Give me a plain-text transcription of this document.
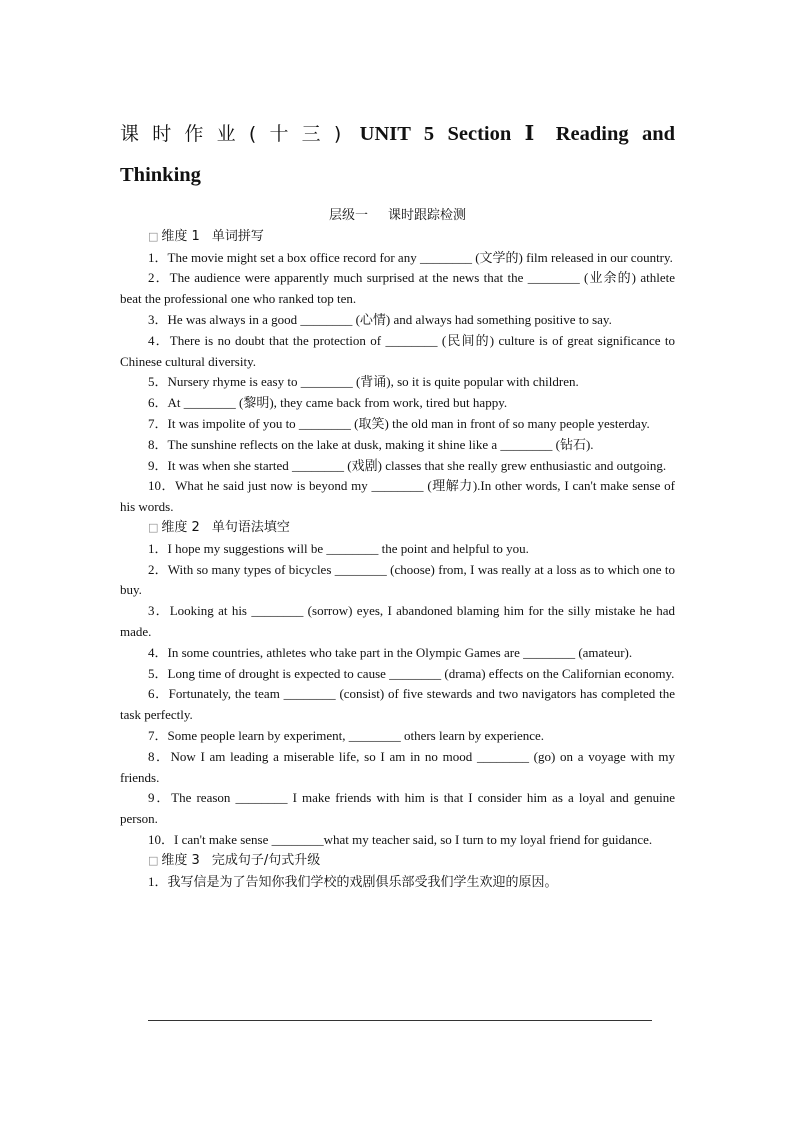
课时作业(十三) UNIT 5 Section Ⅰ Reading and
Thinking
层级一 课时跟踪检测
□ 维度 1 单词拼写

1．The movie might set a box office record for any ________ (文学的) film released in our country.

2．The audience were apparently much surprised at the news that the ________ (业余的) athlete beat the professional one who ranked top ten.

3．He was always in a good ________ (心情) and always had something positive to say.

4．There is no doubt that the protection of ________ (民间的) culture is of great significance to Chinese cultural diversity.

5．Nursery rhyme is easy to ________ (背诵), so it is quite popular with children.

6．At ________ (黎明), they came back from work, tired but happy.

7．It was impolite of you to ________ (取笑) the old man in front of so many people yesterday.

8．The sunshine reflects on the lake at dusk, making it shine like a ________ (钻石).

9．It was when she started ________ (戏剧) classes that she really grew enthusiastic and outgoing.

10．What he said just now is beyond my ________ (理解力).In other words, I can't make sense of his words.

□ 维度 2 单句语法填空

1．I hope my suggestions will be ________ the point and helpful to you.

2．With so many types of bicycles ________ (choose) from, I was really at a loss as to which one to buy.

3．Looking at his ________ (sorrow) eyes, I abandoned blaming him for the silly mistake he had made.

4．In some countries, athletes who take part in the Olympic Games are ________ (amateur).

5．Long time of drought is expected to cause ________ (drama) effects on the Californian economy.

6．Fortunately, the team ________ (consist) of five stewards and two navigators has completed the task perfectly.

7．Some people learn by experiment, ________ others learn by experience.

8．Now I am leading a miserable life, so I am in no mood ________ (go) on a voyage with my friends.

9．The reason ________ I make friends with him is that I consider him as a loyal and genuine person.

10．I can't make sense ________what my teacher said, so I turn to my loyal friend for guidance.

□ 维度 3 完成句子/句式升级

1．我写信是为了告知你我们学校的戏剧俱乐部受我们学生欢迎的原因。
